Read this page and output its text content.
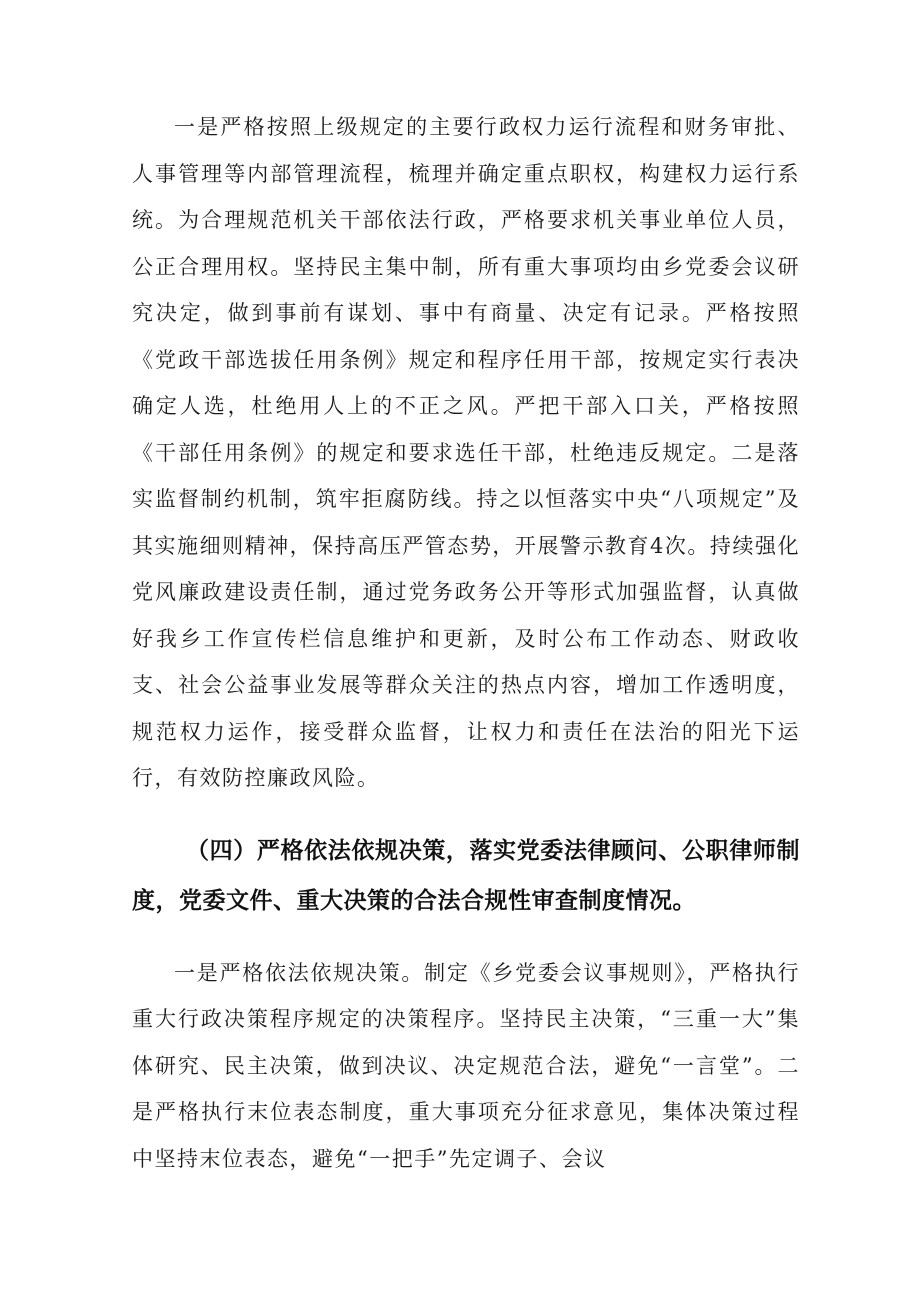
一是严格按照上级规定的主要行政权力运行流程和财务审批、人事管理等内部管理流程，梳理并确定重点职权，构建权力运行系统。为合理规范机关干部依法行政，严格要求机关事业单位人员，公正合理用权。坚持民主集中制，所有重大事项均由乡党委会议研究决定，做到事前有谋划、事中有商量、决定有记录。严格按照《党政干部选拔任用条例》规定和程序任用干部，按规定实行表决确定人选，杜绝用人上的不正之风。严把干部入口关，严格按照《干部任用条例》的规定和要求选任干部，杜绝违反规定。二是落实监督制约机制，筑牢拒腐防线。持之以恒落实中央“八项规定”及其实施细则精神，保持高压严管态势，开展警示教育4次。持续强化党风廉政建设责任制，通过党务政务公开等形式加强监督，认真做好我乡工作宣传栏信息维护和更新，及时公布工作动态、财政收支、社会公益事业发展等群众关注的热点内容，增加工作透明度，规范权力运作，接受群众监督，让权力和责任在法治的阳光下运行，有效防控廉政风险。

（四）严格依法依规决策，落实党委法律顾问、公职律师制度，党委文件、重大决策的合法合规性审查制度情况。

一是严格依法依规决策。制定《乡党委会议事规则》，严格执行重大行政决策程序规定的决策程序。坚持民主决策，“三重一大”集体研究、民主决策，做到决议、决定规范合法，避免“一言堂”。二是严格执行末位表态制度，重大事项充分征求意见，集体决策过程中坚持末位表态，避免“一把手”先定调子、会议
